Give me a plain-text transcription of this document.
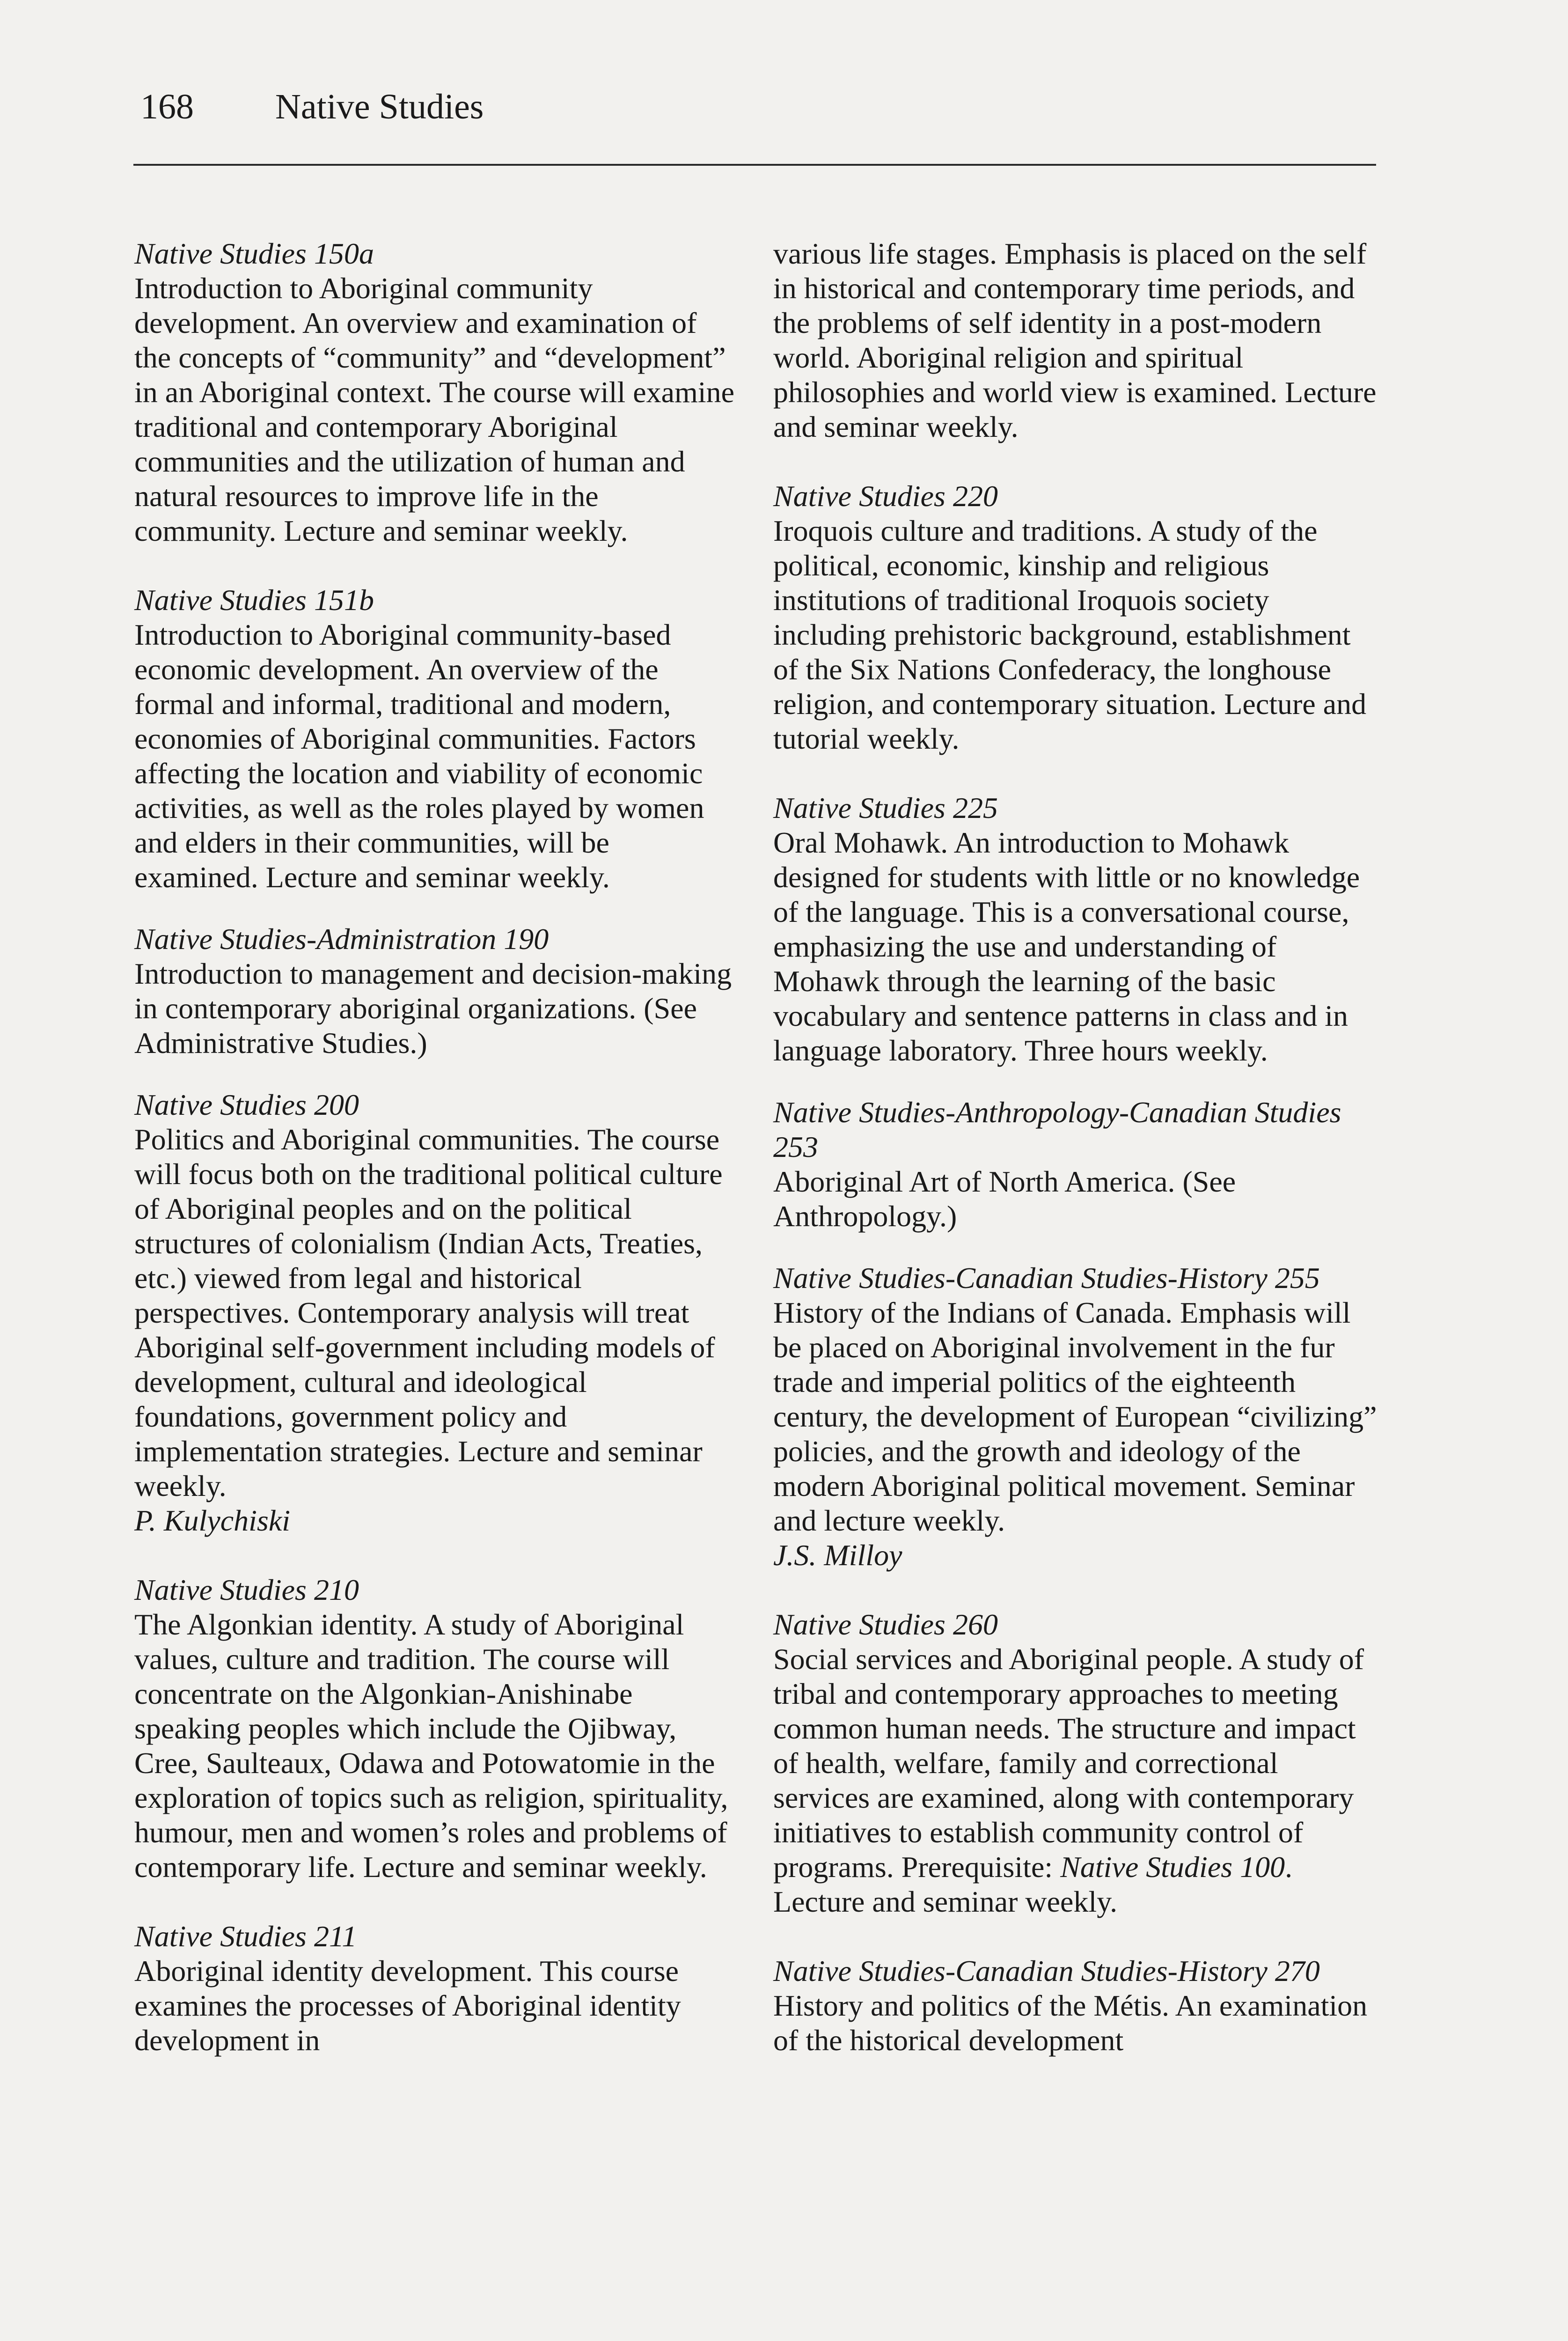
168 Native Studies
Native Studies 150a
Introduction to Aboriginal community development. An overview and examination of the concepts of “community” and “development” in an Aboriginal context. The course will examine traditional and contemporary Aboriginal communities and the utilization of human and natural resources to improve life in the community. Lecture and seminar weekly.
Native Studies 151b
Introduction to Aboriginal community-based economic development. An overview of the formal and informal, traditional and modern, economies of Aboriginal communities. Factors affecting the location and viability of economic activities, as well as the roles played by women and elders in their communities, will be examined. Lecture and seminar weekly.
Native Studies-Administration 190
Introduction to management and decision-making in contemporary aboriginal organizations. (See Administrative Studies.)
Native Studies 200
Politics and Aboriginal communities. The course will focus both on the traditional political culture of Aboriginal peoples and on the political structures of colonialism (Indian Acts, Treaties, etc.) viewed from legal and historical perspectives. Contemporary analysis will treat Aboriginal self-government including models of development, cultural and ideological foundations, government policy and implementation strategies. Lecture and seminar weekly.
P. Kulychiski
Native Studies 210
The Algonkian identity. A study of Aboriginal values, culture and tradition. The course will concentrate on the Algonkian-Anishinabe speaking peoples which include the Ojibway, Cree, Saulteaux, Odawa and Potowatomie in the exploration of topics such as religion, spirituality, humour, men and women’s roles and problems of contemporary life. Lecture and seminar weekly.
Native Studies 211
Aboriginal identity development. This course examines the processes of Aboriginal identity development in
various life stages. Emphasis is placed on the self in historical and contemporary time periods, and the problems of self identity in a post-modern world. Aboriginal religion and spiritual philosophies and world view is examined. Lecture and seminar weekly.
Native Studies 220
Iroquois culture and traditions. A study of the political, economic, kinship and religious institutions of traditional Iroquois society including prehistoric background, establishment of the Six Nations Confederacy, the longhouse religion, and contemporary situation. Lecture and tutorial weekly.
Native Studies 225
Oral Mohawk. An introduction to Mohawk designed for students with little or no knowledge of the language. This is a conversational course, emphasizing the use and understanding of Mohawk through the learning of the basic vocabulary and sentence patterns in class and in language laboratory. Three hours weekly.
Native Studies-Anthropology-Canadian Studies 253
Aboriginal Art of North America. (See Anthropology.)
Native Studies-Canadian Studies-History 255
History of the Indians of Canada. Emphasis will be placed on Aboriginal involvement in the fur trade and imperial politics of the eighteenth century, the development of European “civilizing” policies, and the growth and ideology of the modern Aboriginal political movement. Seminar and lecture weekly.
J.S. Milloy
Native Studies 260
Social services and Aboriginal people. A study of tribal and contemporary approaches to meeting common human needs. The structure and impact of health, welfare, family and correctional services are examined, along with contemporary initiatives to establish community control of programs. Prerequisite: Native Studies 100. Lecture and seminar weekly.
Native Studies-Canadian Studies-History 270
History and politics of the Métis. An examination of the historical development
